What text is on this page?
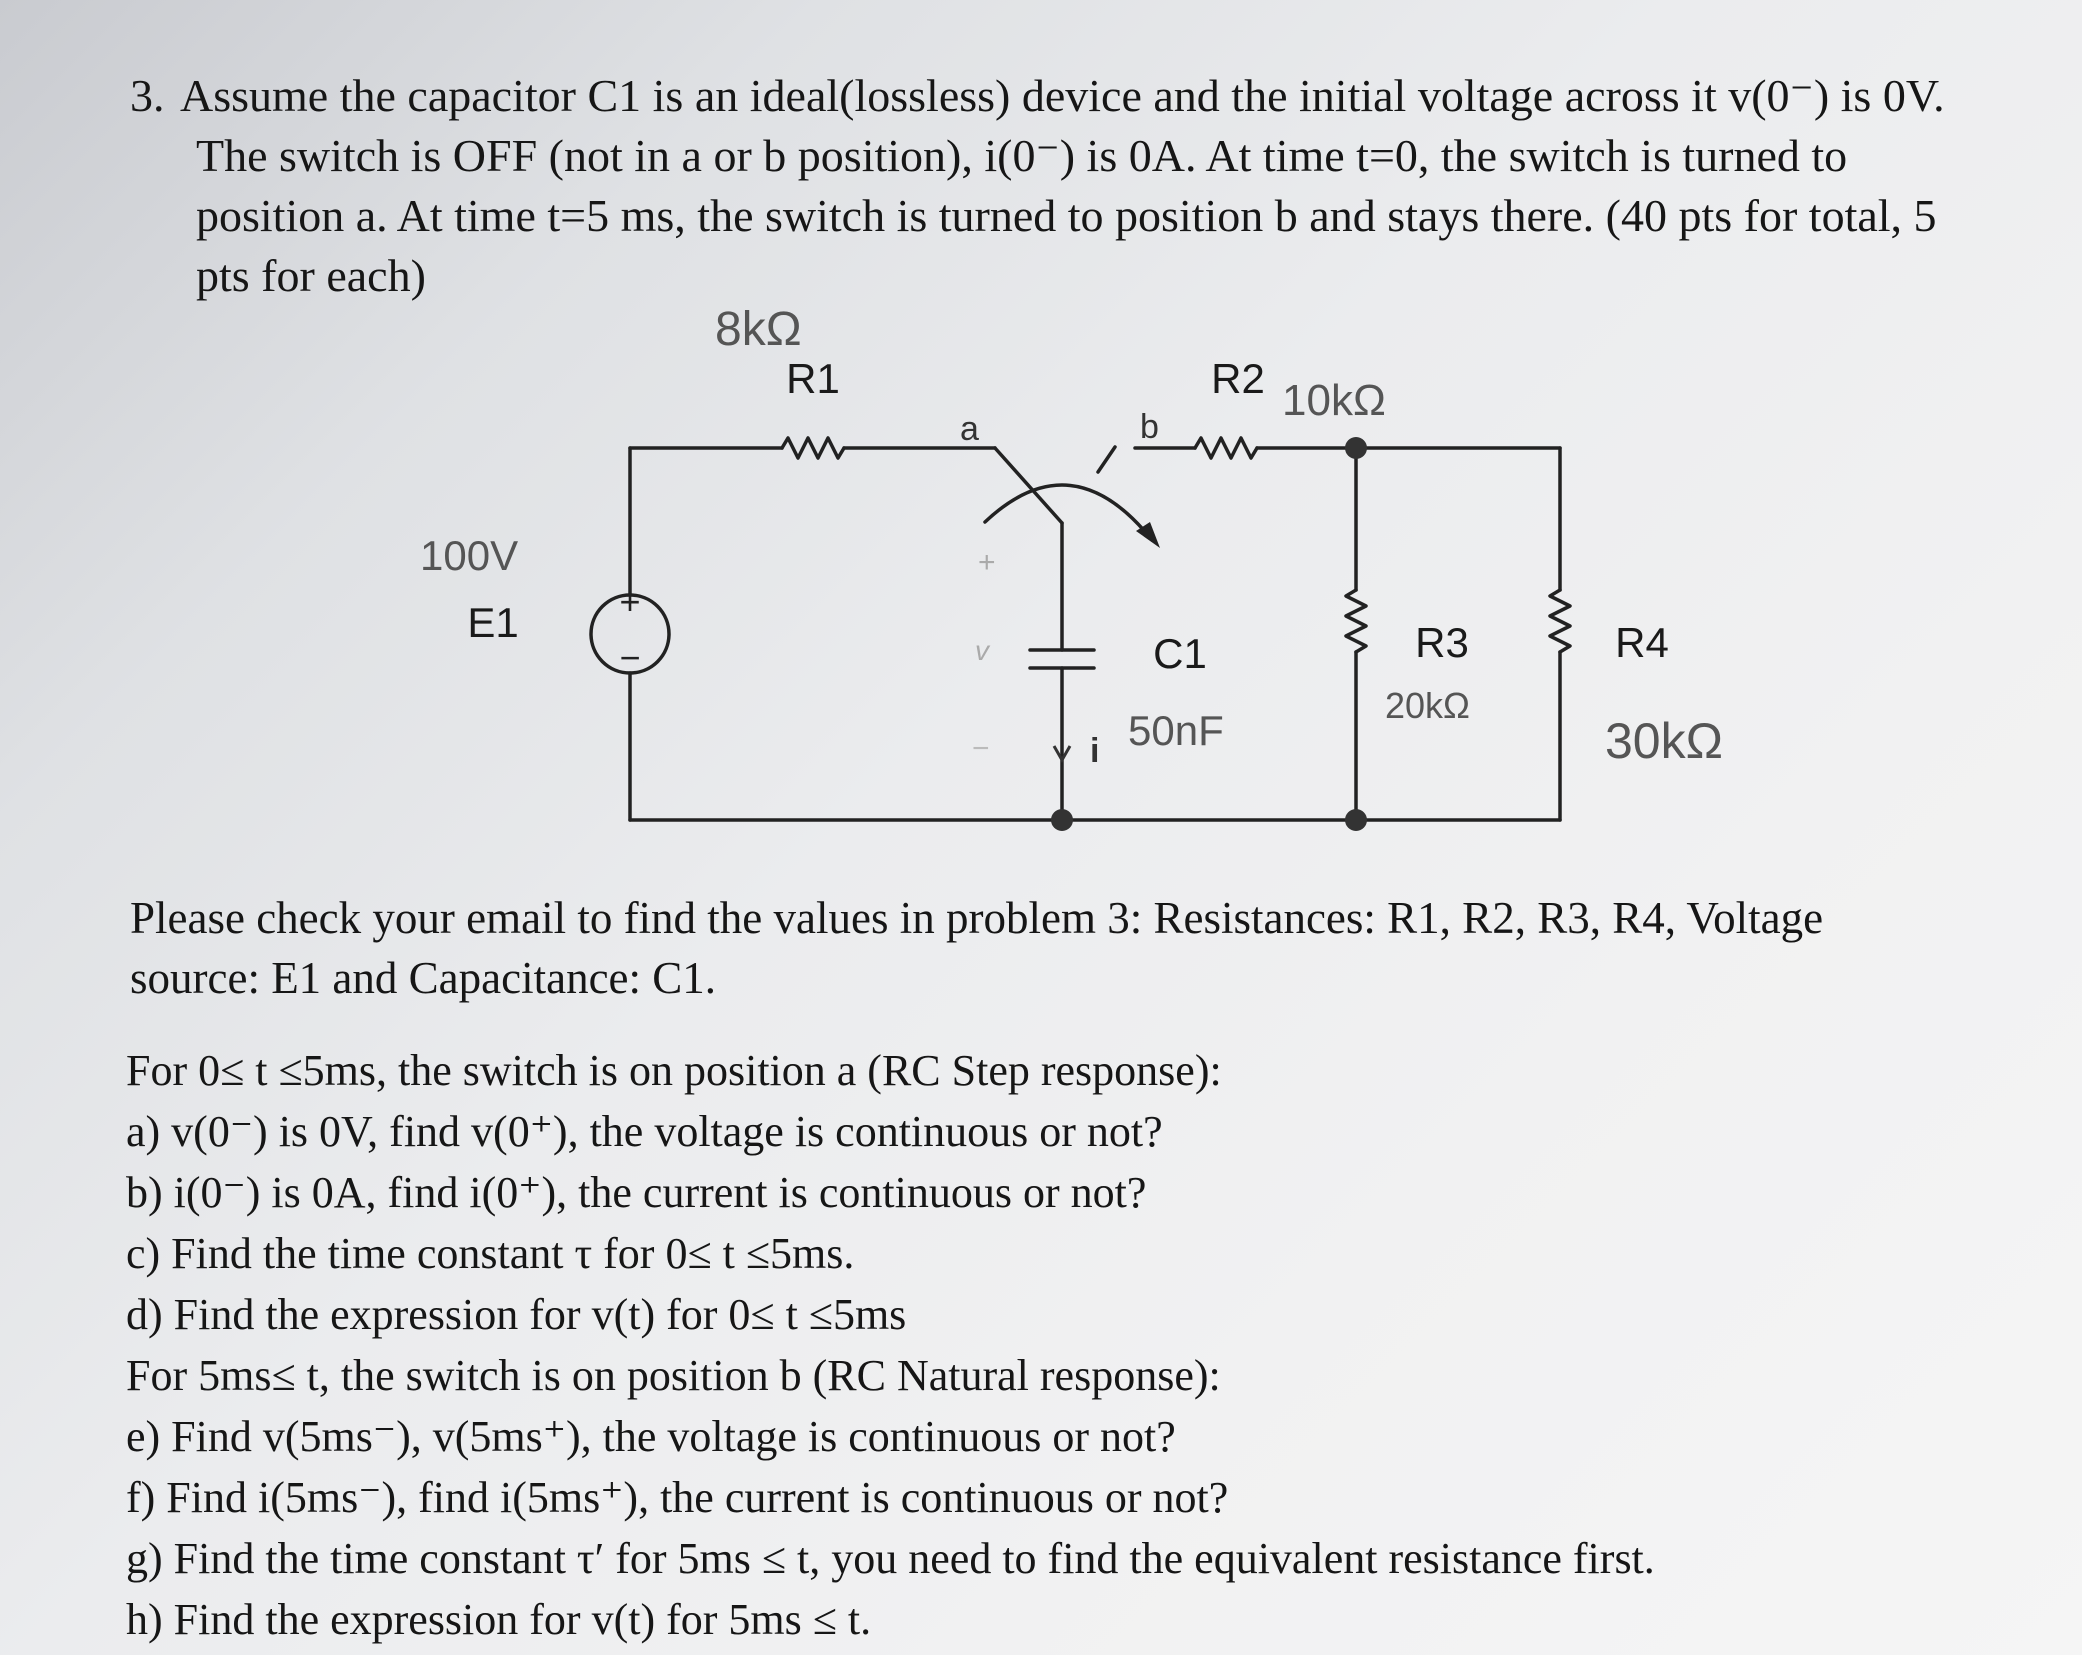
3. Assume the capacitor C1 is an ideal(lossless) device and the initial voltage across it v(0⁻) is 0V.
The switch is OFF (not in a or b position), i(0⁻) is 0A. At time t=0, the switch is turned to
position a. At time t=5 ms, the switch is turned to position b and stays there. (40 pts for total, 5
pts for each)
+
−
R1	R2
E1
C1	R3	R4
8kΩ
10kΩ
100V
50nF
20kΩ
30kΩ
a	b
+
v
−	i
Please check your email to find the values in problem 3: Resistances: R1, R2, R3, R4, Voltage
source: E1 and Capacitance: C1.
For 0≤ t ≤5ms, the switch is on position a (RC Step response):
a) v(0⁻) is 0V, find v(0⁺), the voltage is continuous or not?
b) i(0⁻) is 0A, find i(0⁺), the current is continuous or not?
c) Find the time constant τ for 0≤ t ≤5ms.
d) Find the expression for v(t) for 0≤ t ≤5ms
For 5ms≤ t, the switch is on position b (RC Natural response):
e) Find v(5ms⁻), v(5ms⁺), the voltage is continuous or not?
f) Find i(5ms⁻), find i(5ms⁺), the current is continuous or not?
g) Find the time constant τ′ for 5ms ≤ t, you need to find the equivalent resistance first.
h) Find the expression for v(t) for 5ms ≤ t.
